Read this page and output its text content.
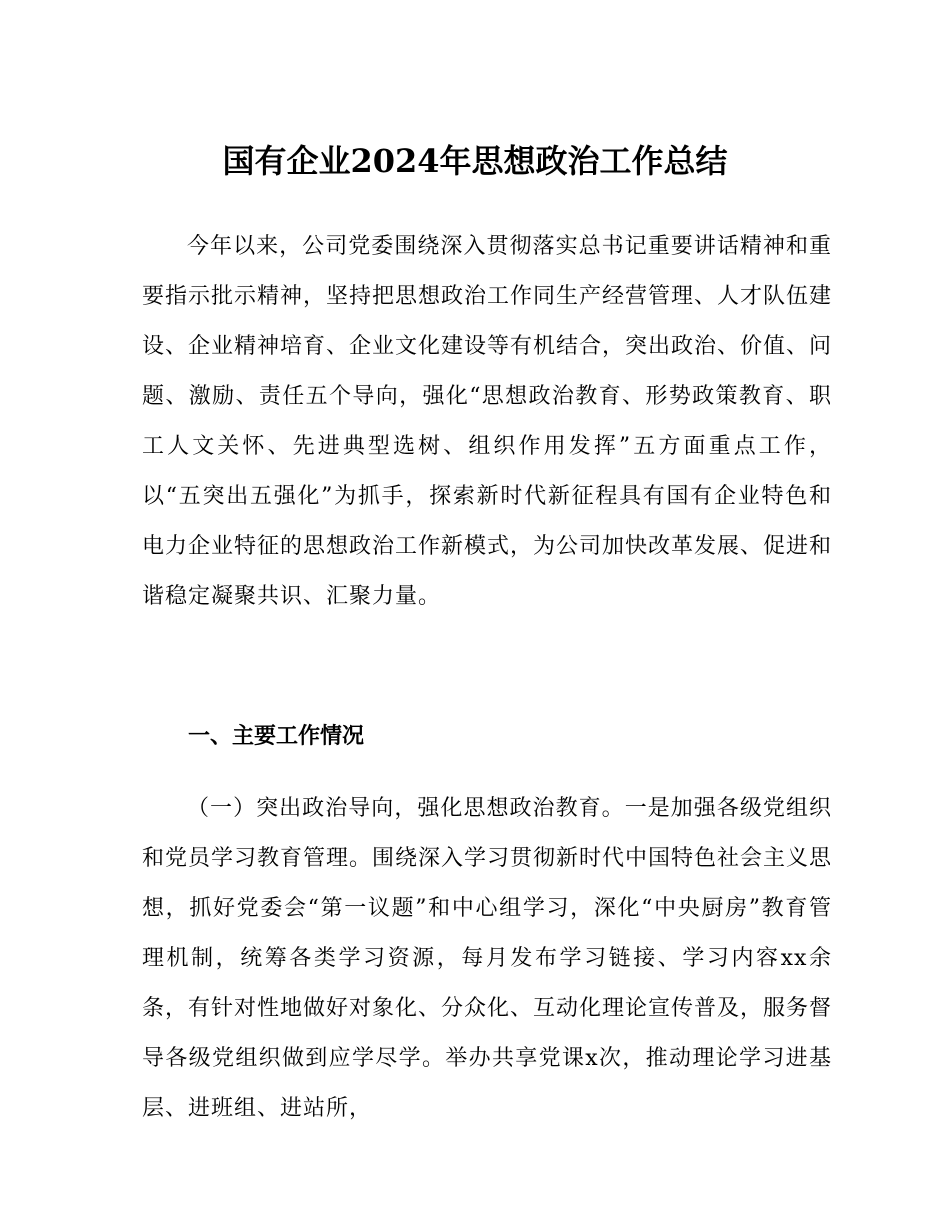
国有企业2024年思想政治工作总结

今年以来，公司党委围绕深入贯彻落实总书记重要讲话精神和重要指示批示精神，坚持把思想政治工作同生产经营管理、人才队伍建设、企业精神培育、企业文化建设等有机结合，突出政治、价值、问题、激励、责任五个导向，强化“思想政治教育、形势政策教育、职工人文关怀、先进典型选树、组织作用发挥”五方面重点工作，以“五突出五强化”为抓手，探索新时代新征程具有国有企业特色和电力企业特征的思想政治工作新模式，为公司加快改革发展、促进和谐稳定凝聚共识、汇聚力量。

一、主要工作情况

（一）突出政治导向，强化思想政治教育。一是加强各级党组织和党员学习教育管理。围绕深入学习贯彻新时代中国特色社会主义思想，抓好党委会“第一议题”和中心组学习，深化“中央厨房”教育管理机制，统筹各类学习资源，每月发布学习链接、学习内容xx余条，有针对性地做好对象化、分众化、互动化理论宣传普及，服务督导各级党组织做到应学尽学。举办共享党课x次，推动理论学习进基层、进班组、进站所，
